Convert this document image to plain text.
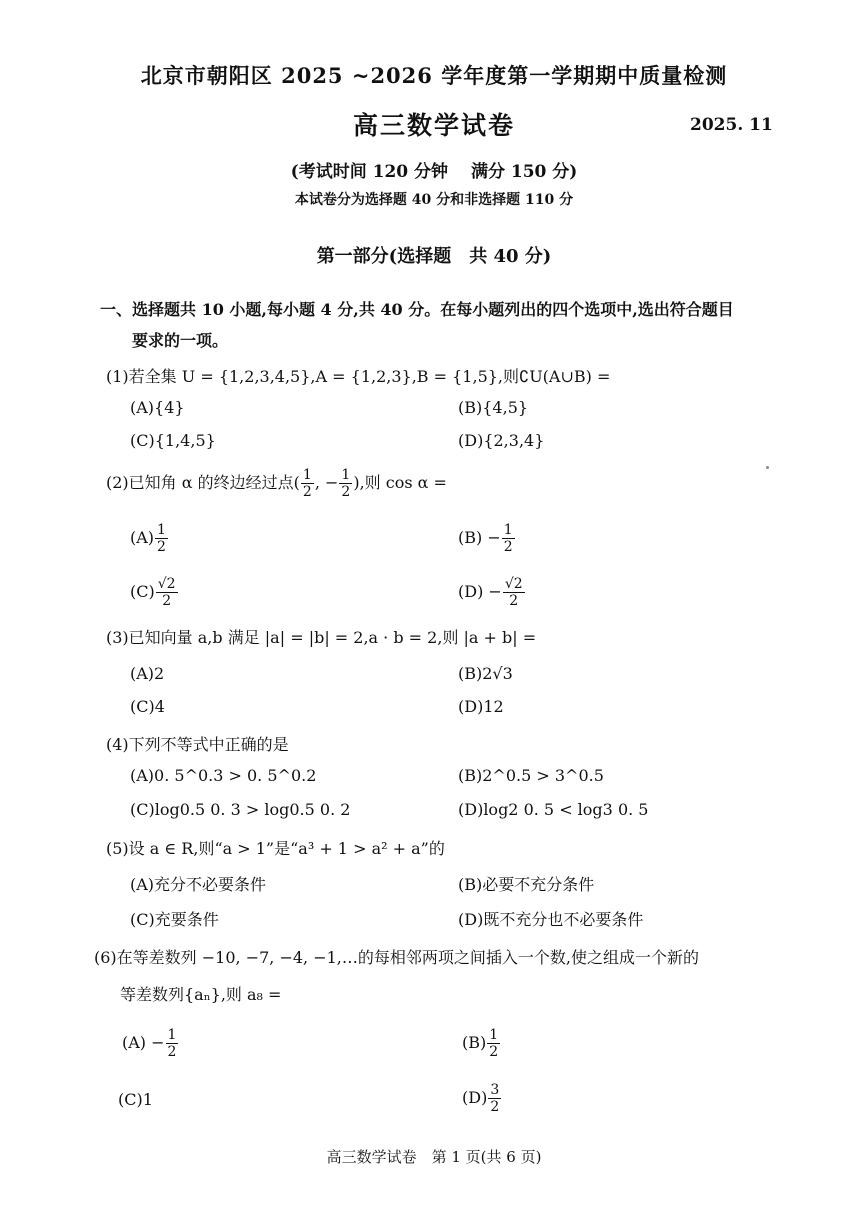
北京市朝阳区 2025 ~2026 学年度第一学期期中质量检测
高三数学试卷	2025. 11
(考试时间 120 分钟　 满分 150 分)
本试卷分为选择题 40 分和非选择题 110 分
第一部分(选择题　共 40 分)
一、选择题共 10 小题,每小题 4 分,共 40 分。在每小题列出的四个选项中,选出符合题目
要求的一项。
(1)若全集 U = {1,2,3,4,5},A = {1,2,3},B = {1,5},则∁U(A∪B) =
(A){4}	(B){4,5}
(C){1,4,5}	(D){2,3,4}
(2)已知角 α 的终边经过点( $\frac{1}{2}$ , − $\frac{1}{2}$ ),则 cos α =
$(A) \frac{1}{2}$	$(B) - \frac{1}{2}$
$(C) \frac{√2}{2}$	$(D) - \frac{√2}{2}$
(3)已知向量 a,b 满足 |a| = |b| = 2,a · b = 2,则 |a + b| =
(A)2	(B)2√3
(C)4	(D)12
(4)下列不等式中正确的是
(A)0. 5^0.3 > 0. 5^0.2	(B)2^0.5 > 3^0.5
(C)log0.5 0. 3 > log0.5 0. 2	(D)log2 0. 5 < log3 0. 5
(5)设 a ∈ R,则“a > 1”是“a³ + 1 > a² + a”的
(A)充分不必要条件	(B)必要不充分条件
(C)充要条件	(D)既不充分也不必要条件
(6)在等差数列 −10, −7, −4, −1,…的每相邻两项之间插入一个数,使之组成一个新的
等差数列{aₙ},则 a₈ =
$(A) - \frac{1}{2}$	$(B) \frac{1}{2}$
(C)1	$(D) \frac{3}{2}$
高三数学试卷　第 1 页(共 6 页)
